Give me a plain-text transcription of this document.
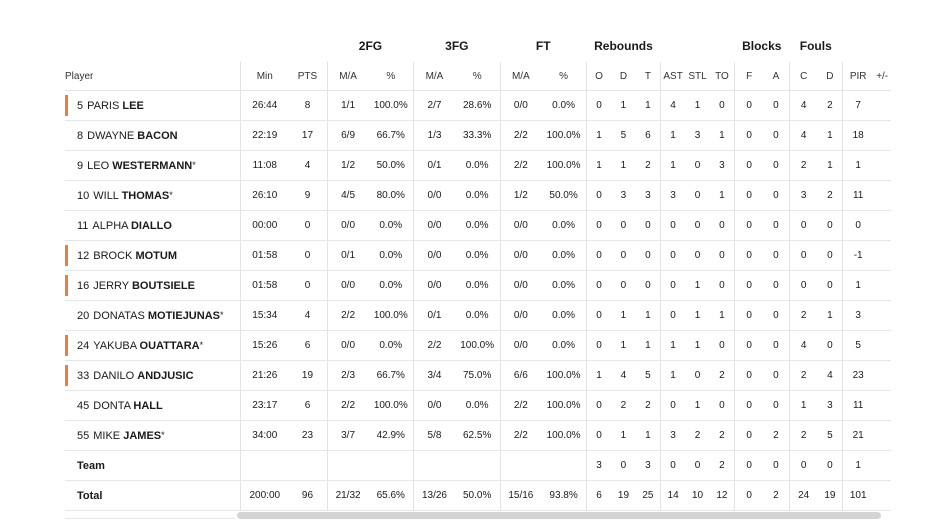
			2FG		3FG		FT		Rebounds						Blocks		Fouls			
Player	Min	PTS	M/A	%	M/A	%	M/A	%	O	D	T	AST	STL	TO	F	A	C	D	PIR	+/-

5 PARIS LEE	26:44	8	1/1	100.0%	2/7	28.6%	0/0	0.0%	0	1	1	4	1	0	0	0	4	2	7	
8 DWAYNE BACON	22:19	17	6/9	66.7%	1/3	33.3%	2/2	100.0%	1	5	6	1	3	1	0	0	4	1	18	
9 LEO WESTERMANN*	11:08	4	1/2	50.0%	0/1	0.0%	2/2	100.0%	1	1	2	1	0	3	0	0	2	1	1	
10 WILL THOMAS*	26:10	9	4/5	80.0%	0/0	0.0%	1/2	50.0%	0	3	3	3	0	1	0	0	3	2	11	
11 ALPHA DIALLO	00:00	0	0/0	0.0%	0/0	0.0%	0/0	0.0%	0	0	0	0	0	0	0	0	0	0	0	

12 BROCK MOTUM	01:58	0	0/1	0.0%	0/0	0.0%	0/0	0.0%	0	0	0	0	0	0	0	0	0	0	-1	

16 JERRY BOUTSIELE	01:58	0	0/0	0.0%	0/0	0.0%	0/0	0.0%	0	0	0	0	1	0	0	0	0	0	1	
20 DONATAS MOTIEJUNAS*	15:34	4	2/2	100.0%	0/1	0.0%	0/0	0.0%	0	1	1	0	1	1	0	0	2	1	3	

24 YAKUBA OUATTARA*	15:26	6	0/0	0.0%	2/2	100.0%	0/0	0.0%	0	1	1	1	1	0	0	0	4	0	5	

33 DANILO ANDJUSIC	21:26	19	2/3	66.7%	3/4	75.0%	6/6	100.0%	1	4	5	1	0	2	0	0	2	4	23	
45 DONTA HALL	23:17	6	2/2	100.0%	0/0	0.0%	2/2	100.0%	0	2	2	0	1	0	0	0	1	3	11	
55 MIKE JAMES*	34:00	23	3/7	42.9%	5/8	62.5%	2/2	100.0%	0	1	1	3	2	2	0	2	2	5	21	
Team									3	0	3	0	0	2	0	0	0	0	1	
Total	200:00	96	21/32	65.6%	13/26	50.0%	15/16	93.8%	6	19	25	14	10	12	0	2	24	19	101	
